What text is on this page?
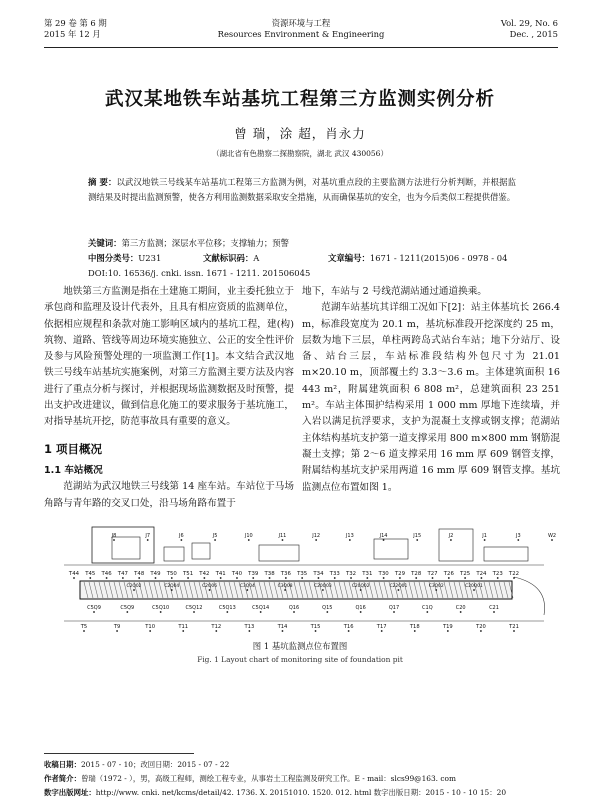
第 29 卷 第 6 期
2015 年 12 月
资源环境与工程
Resources Environment & Engineering
Vol. 29, No. 6
Dec. , 2015
武汉某地铁车站基坑工程第三方监测实例分析
曾 瑞，涂 超，肖永力
（湖北省有色勘察二探勘察院，湖北 武汉 430056）
摘 要：以武汉地铁三号线某车站基坑工程第三方监测为例，对基坑重点段的主要监测方法进行分析判断，并根据监测结果及时提出监测预警，使各方利用监测数据采取安全措施，从而确保基坑的安全，也为今后类似工程提供借鉴。
关键词：第三方监测；深层水平位移；支撑轴力；预警
中图分类号：U231	文献标识码：A	文章编号：1671 - 1211(2015)06 - 0978 - 04
DOI:10. 16536/j. cnki. issn. 1671 - 1211. 201506045

地铁第三方监测是指在土建施工期间，业主委托独立于承包商和监理及设计代表外，且具有相应资质的监测单位，依据相应规程和条款对施工影响区域内的基坑工程，建(构)筑物、道路、管线等周边环境实施独立、公正的安全性评价及参与风险预警处理的一项监测工作[1]。本文结合武汉地铁三号线车站基坑实施案例，对第三方监测主要方法及内容进行了重点分析与探讨，并根据现场监测数据及时预警，提出支护改进建议，做到信息化施工的要求服务于基坑施工，对指导基坑开挖，防范事故具有重要的意义。

1 项目概况
1.1 车站概况

范湖站为武汉地铁三号线第 14 座车站。车站位于马场角路与青年路的交叉口处，沿马场角路布置于

地下，车站与 2 号线范湖站通过通道换乘。

范湖车站基坑其详细工况如下[2]：站主体基坑长 266.4 m，标准段宽度为 20.1 m，基坑标准段开挖深度约 25 m，层数为地下三层，单柱两跨岛式站台车站；地下分站厅、设备、站台三层，车站标准段结构外包尺寸为 21.01 m×20.10 m，顶部覆土约 3.3～3.6 m。主体建筑面积 16 443 m²，附属建筑面积 6 808 m²，总建筑面积 23 251 m²。车站主体围护结构采用 1 000 mm 厚地下连续墙，并入岩以满足抗浮要求，支护为混凝土支撑或钢支撑；范湖站主体结构基坑支护第一道支撑采用 800 m×800 mm 钢筋混凝土支撑；第 2～6 道支撑采用 16 mm 厚 609 钢管支撑，附属结构基坑支护采用两道 16 mm 厚 609 钢管支撑。基坑监测点位布置如图 1。

T44 T45 T46 T47 T48 T49 T50 T51 T42 T41 T40 T39 T38 T36 T35 T34 T33 T32 T31 T30 T29 T28 T27 T26 T25 T24 T23 T22
C2Q02	C2Q04	C2Q06	C3Q04	C3Q08	C20Q03	C20Q02	C22Q01	C3Q02	C20Q01
C5Q9	C5Q9	C5Q10	C5Q12	C5Q13	C5Q14	Q16	Q15	Q16	Q17	C1Q	C20	C21
T5	T9	T10	T11	T12	T13	T14	T15	T16	T17	T18	T19	T20	T21
J8	J7	J6	J5	J10	J11	J12	J13	J14	J15	J2	J1	J3	W2
图 1 基坑监测点位布置图
Fig. 1 Layout chart of monitoring site of foundation pit
收稿日期：2015 - 07 - 10；改回日期：2015 - 07 - 22
作者简介：曾瑞（1972 - ），男，高级工程师，测绘工程专业，从事岩土工程监测及研究工作。E - mail：slcs99@163. com
数字出版网址：http://www. cnki. net/kcms/detail/42. 1736. X. 20151010. 1520. 012. html 数字出版日期：2015 - 10 - 10 15：20
